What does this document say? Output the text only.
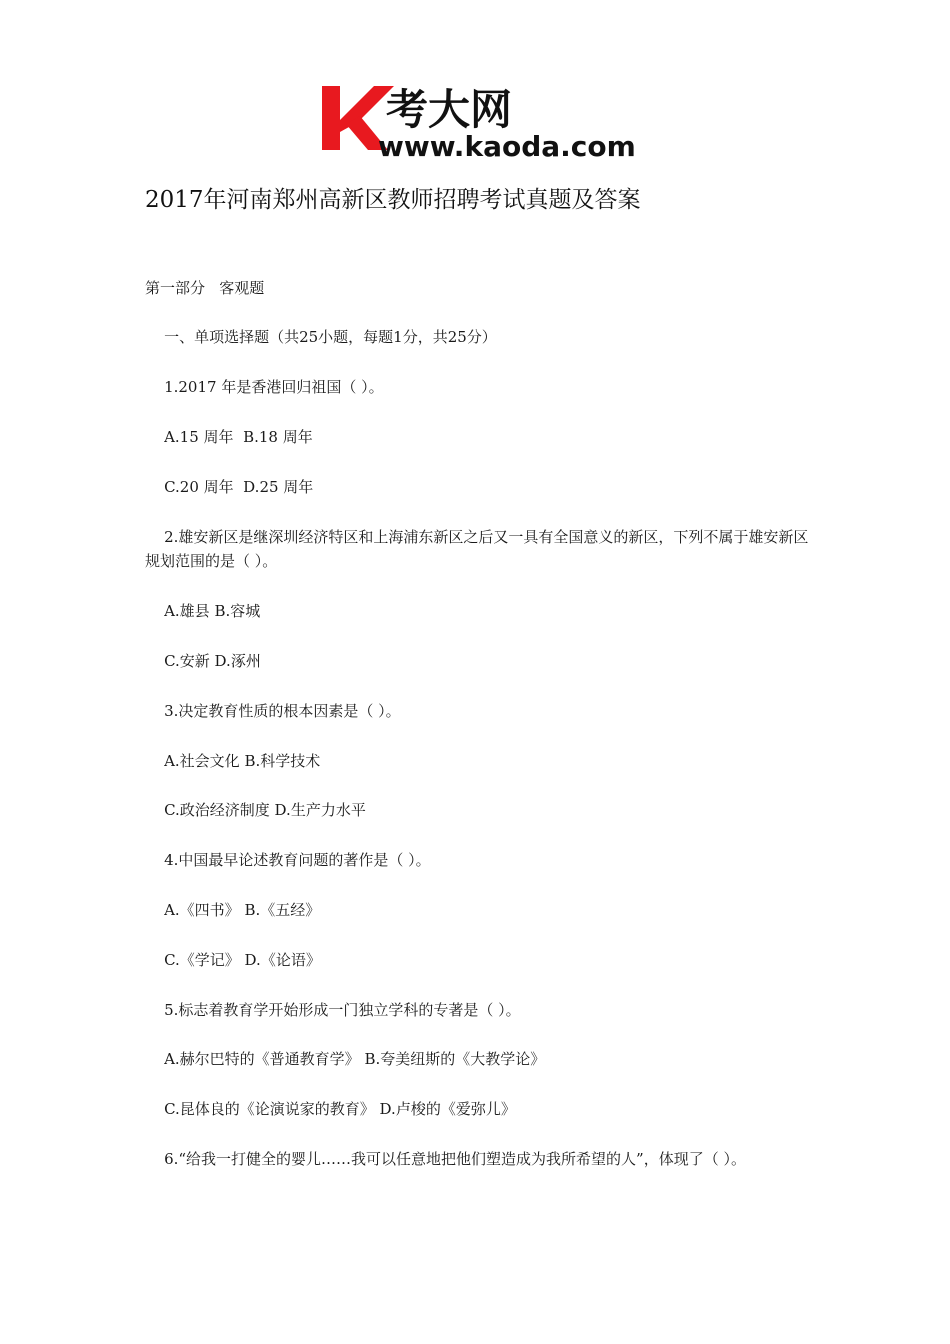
考大网
www.kaoda.com
2017年河南郑州高新区教师招聘考试真题及答案
第一部分   客观题
一、单项选择题（共25小题，每题1分，共25分）
1.2017 年是香港回归祖国（ ）。
A.15 周年  B.18 周年
C.20 周年  D.25 周年
2.雄安新区是继深圳经济特区和上海浦东新区之后又一具有全国意义的新区，下列不属于雄安新区规划范围的是（ ）。
A.雄县 B.容城
C.安新 D.涿州
3.决定教育性质的根本因素是（ ）。
A.社会文化 B.科学技术
C.政治经济制度 D.生产力水平
4.中国最早论述教育问题的著作是（ ）。
A.《四书》 B.《五经》
C.《学记》 D.《论语》
5.标志着教育学开始形成一门独立学科的专著是（ ）。
A.赫尔巴特的《普通教育学》 B.夸美纽斯的《大教学论》
C.昆体良的《论演说家的教育》 D.卢梭的《爱弥儿》
6.“给我一打健全的婴儿……我可以任意地把他们塑造成为我所希望的人”，体现了（ ）。
